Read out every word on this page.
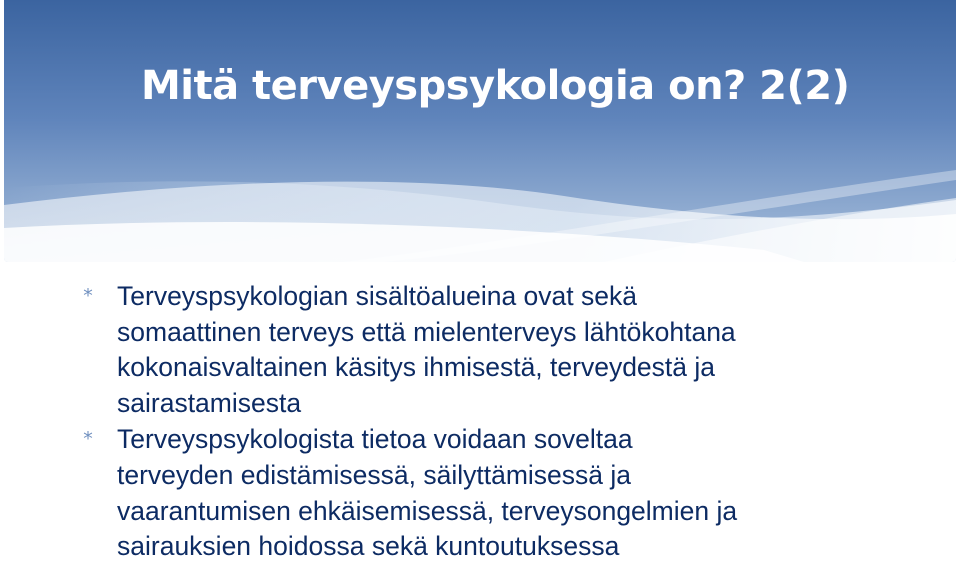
Mitä terveyspsykologia on? 2(2)
* Terveyspsykologian sisältöalueina ovat sekä
somaattinen terveys että mielenterveys lähtökohtana
kokonaisvaltainen käsitys ihmisestä, terveydestä ja
sairastamisesta
* Terveyspsykologista tietoa voidaan soveltaa
terveyden edistämisessä, säilyttämisessä ja
vaarantumisen ehkäisemisessä, terveysongelmien ja
sairauksien hoidossa sekä kuntoutuksessa
